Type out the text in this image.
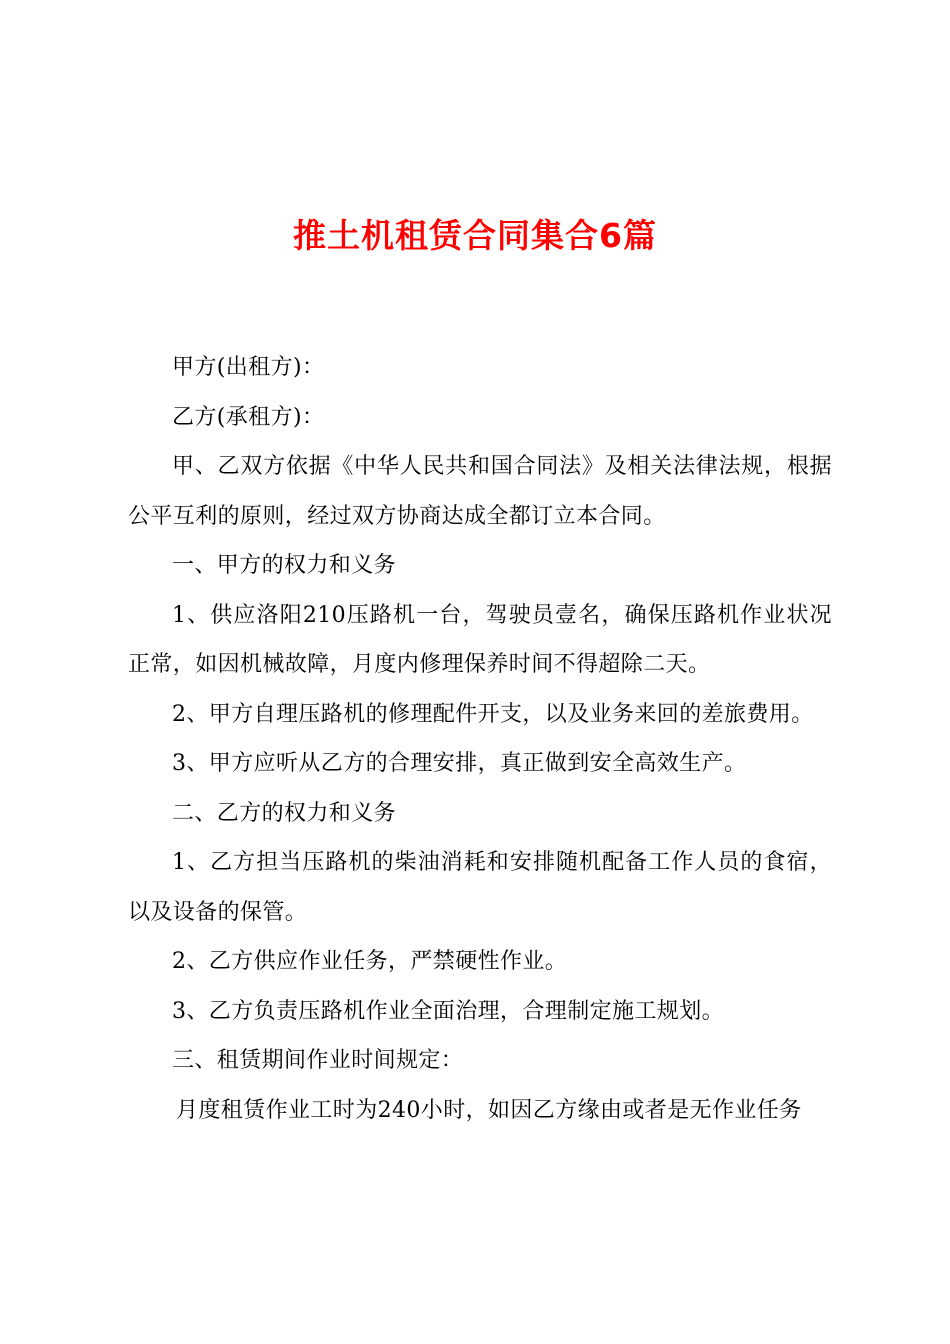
推土机租赁合同集合6篇

甲方(出租方)：

乙方(承租方)：

甲、乙双方依据《中华人民共和国合同法》及相关法律法规，根据公平互利的原则，经过双方协商达成全都订立本合同。

一、甲方的权力和义务

1、供应洛阳210压路机一台，驾驶员壹名，确保压路机作业状况正常，如因机械故障，月度内修理保养时间不得超除二天。

2、甲方自理压路机的修理配件开支，以及业务来回的差旅费用。

3、甲方应听从乙方的合理安排，真正做到安全高效生产。

二、乙方的权力和义务

1、乙方担当压路机的柴油消耗和安排随机配备工作人员的食宿，以及设备的保管。

2、乙方供应作业任务，严禁硬性作业。

3、乙方负责压路机作业全面治理，合理制定施工规划。

三、租赁期间作业时间规定：

月度租赁作业工时为240小时，如因乙方缘由或者是无作业任务
